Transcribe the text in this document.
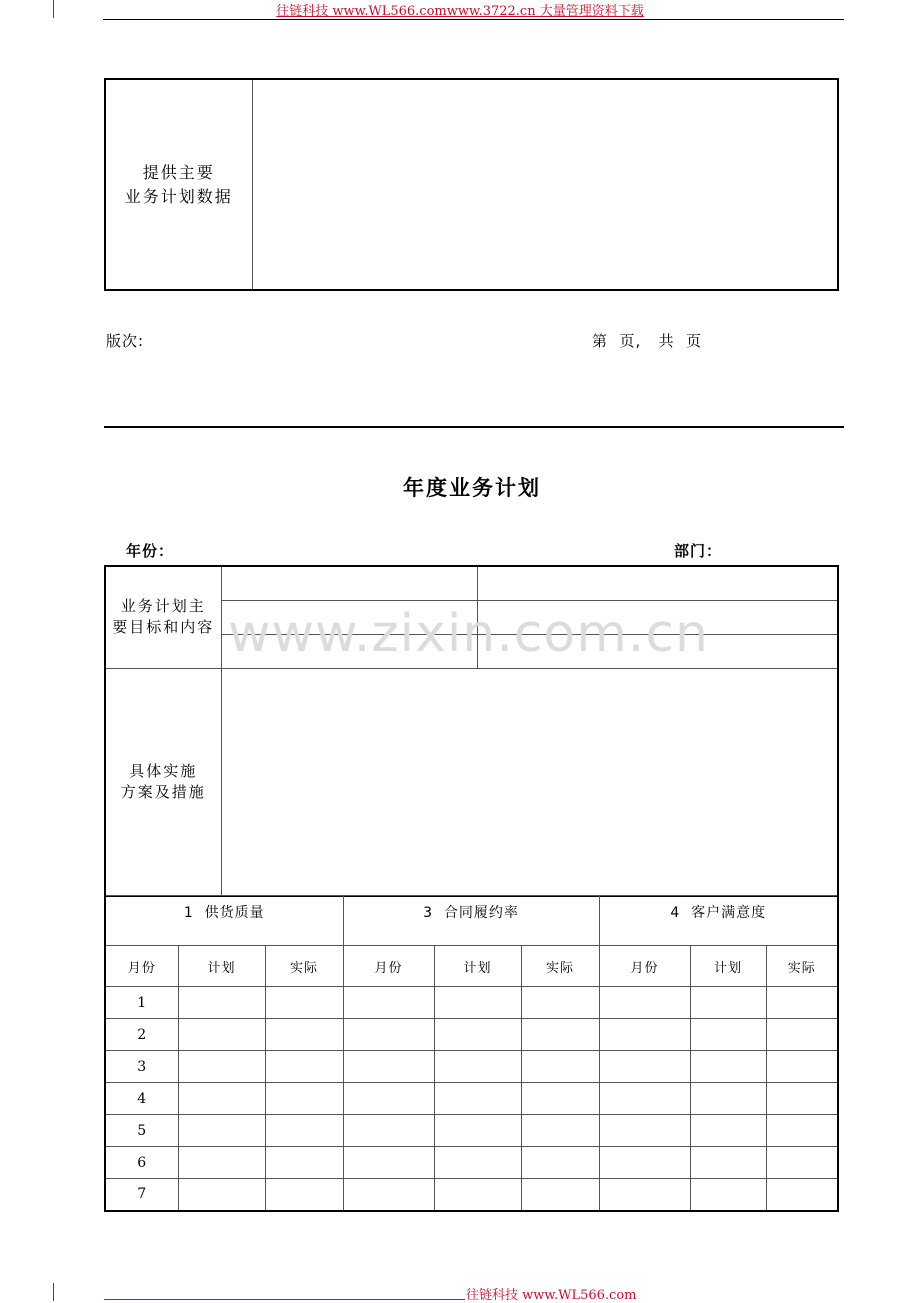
往链科技 www.WL566.comwww.3722.cn 大量管理资料下载
提供主要
业务计划数据

版次:	第  页,   共  页
年度业务计划
年份：	部门：
业务计划主
要目标和内容		

具体实施
方案及措施		

1  供货质量			3  合同履约率			4  客户满意度		
月份	计划	实际	月份	计划	实际	月份	计划	实际
1								
2								
3								
4								
5								
6								
7								
www.zixin.com.cn
往链科技 www.WL566.com
